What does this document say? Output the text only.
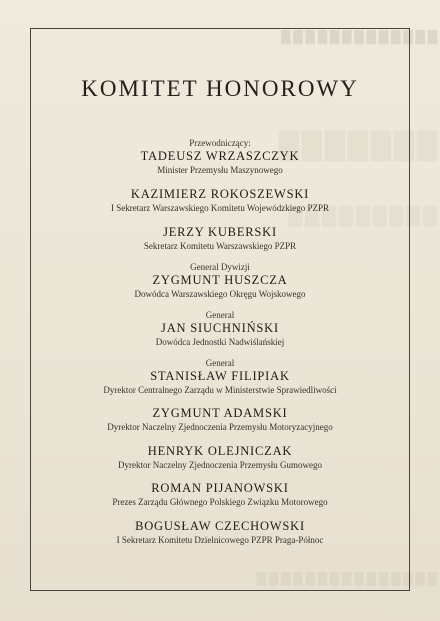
█████████████
███████
█████████
███████████████
KOMITET HONOROWY
Przewodniczący:
TADEUSZ WRZASZCZYK
Minister Przemysłu Maszynowego
KAZIMIERZ ROKOSZEWSKI
I Sekretarz Warszawskiego Komitetu Wojewódzkiego PZPR
JERZY KUBERSKI
Sekretarz Komitetu Warszawskiego PZPR
General Dywizji
ZYGMUNT HUSZCZA
Dowódca Warszawskiego Okręgu Wojskowego
General
JAN SIUCHNIŃSKI
Dowódca Jednostki Nadwiślańskiej
General
STANISŁAW FILIPIAK
Dyrektor Centralnego Zarządu w Ministerstwie Sprawiedliwości
ZYGMUNT ADAMSKI
Dyrektor Naczelny Zjednoczenia Przemysłu Motoryzacyjnego
HENRYK OLEJNICZAK
Dyrektor Naczelny Zjednoczenia Przemysłu Gumowego
ROMAN PIJANOWSKI
Prezes Zarządu Głównego Polskiego Związku Motorowego
BOGUSŁAW CZECHOWSKI
I Sekretarz Komitetu Dzielnicowego PZPR Praga-Północ
